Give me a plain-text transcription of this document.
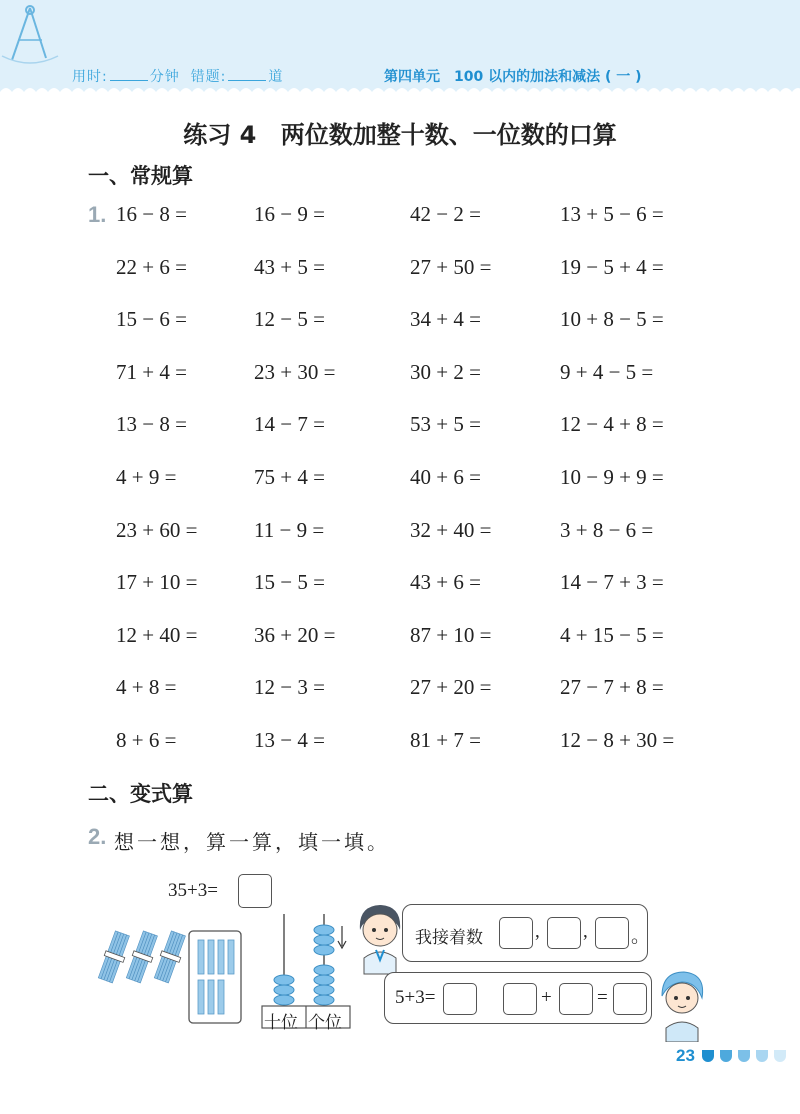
用时:	分钟 错题:	道	第四单元 100 以内的加法和减法 ( 一 )
练习 4 两位数加整十数、一位数的口算
一、常规算
1. 16 − 8 =	16 − 9 =	42 − 2 =	13 + 5 − 6 =
22 + 6 =	43 + 5 =	27 + 50 =	19 − 5 + 4 =
15 − 6 =	12 − 5 =	34 + 4 =	10 + 8 − 5 =
71 + 4 =	23 + 30 =	30 + 2 =	9 + 4 − 5 =
13 − 8 =	14 − 7 =	53 + 5 =	12 − 4 + 8 =
4 + 9 =	75 + 4 =	40 + 6 =	10 − 9 + 9 =
23 + 60 =	11 − 9 =	32 + 40 =	3 + 8 − 6 =
17 + 10 =	15 − 5 =	43 + 6 =	14 − 7 + 3 =
12 + 40 =	36 + 20 =	87 + 10 =	4 + 15 − 5 =
4 + 8 =	12 − 3 =	27 + 20 =	27 − 7 + 8 =
8 + 6 =	13 − 4 =	81 + 7 =	12 − 8 + 30 =
二、变式算
2. 想一想，算一算，填一填。
35+3=
十位 个位
我接着数	, , 。
5+3=	+ =
23
